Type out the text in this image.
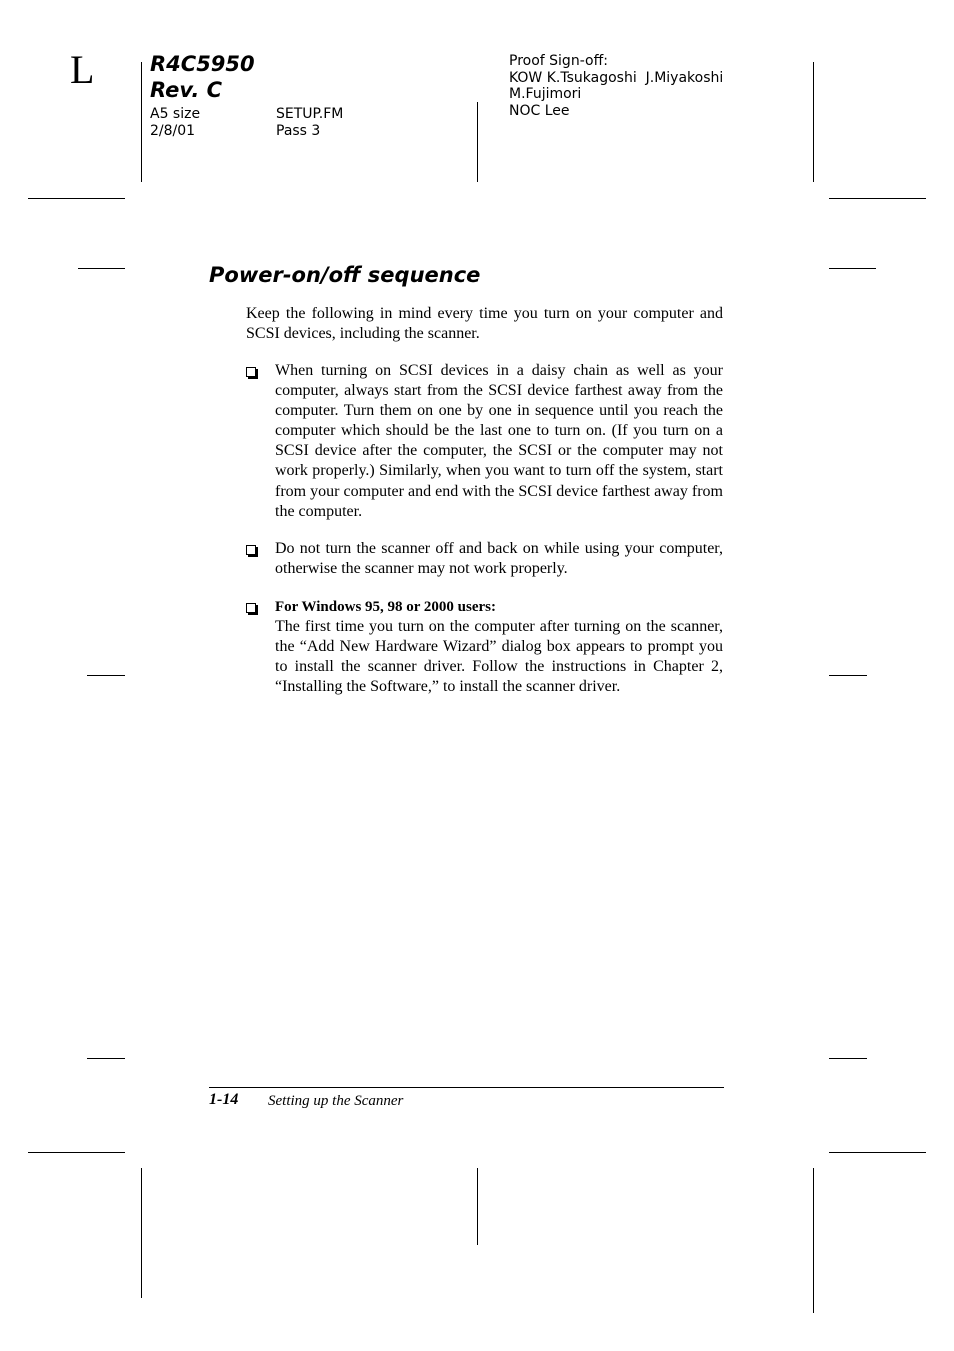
L	R4C5950
Rev. C
A5 size
2/8/01
SETUP.FM
Pass 3
Proof Sign-off:
KOW K.Tsukagoshi  J.Miyakoshi
M.Fujimori
NOC Lee
Power-on/off sequence
Keep the following in mind every time you turn on your computer and SCSI devices, including the scanner.
When turning on SCSI devices in a daisy chain as well as your computer, always start from the SCSI device farthest away from the computer. Turn them on one by one in sequence until you reach the computer which should be the last one to turn on. (If you turn on a SCSI device after the computer, the SCSI or the computer may not work properly.) Similarly, when you want to turn off the system, start from your computer and end with the SCSI device farthest away from the computer.
Do not turn the scanner off and back on while using your computer, otherwise the scanner may not work properly.
For Windows 95, 98 or 2000 users:
The first time you turn on the computer after turning on the scanner, the “Add New Hardware Wizard” dialog box appears to prompt you to install the scanner driver. Follow the instructions in Chapter 2, “Installing the Software,” to install the scanner driver.
1-14 Setting up the Scanner
